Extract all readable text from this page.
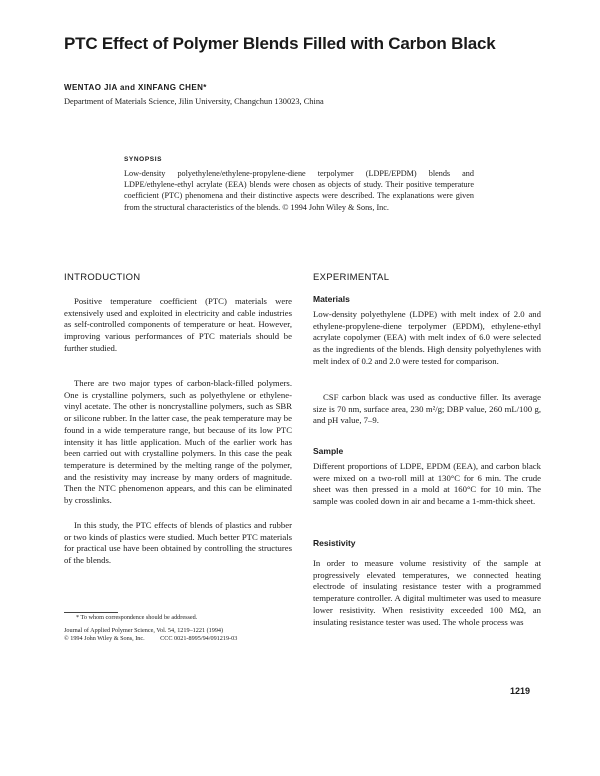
PTC Effect of Polymer Blends Filled with Carbon Black
WENTAO JIA and XINFANG CHEN*
Department of Materials Science, Jilin University, Changchun 130023, China
SYNOPSIS

Low-density polyethylene/ethylene-propylene-diene terpolymer (LDPE/EPDM) blends and LDPE/ethylene-ethyl acrylate (EEA) blends were chosen as objects of study. Their positive temperature coefficient (PTC) phenomena and their distinctive aspects were described. The explanations were given from the structural characteristics of the blends. © 1994 John Wiley & Sons, Inc.

INTRODUCTION

Positive temperature coefficient (PTC) materials were extensively used and exploited in electricity and cable industries as self-controlled components of temperature or heat. However, improving various performances of PTC materials should be further studied.

There are two major types of carbon-black-filled polymers. One is crystalline polymers, such as polyethylene or ethylene-vinyl acetate. The other is noncrystalline polymers, such as SBR or silicone rubber. In the latter case, the peak temperature may be found in a wide temperature range, but because of its low PTC intensity it has little application. Much of the earlier work has been carried out with crystalline polymers. In this case the peak temperature is determined by the melting range of the polymer, and the resistivity may increase by many orders of magnitude. Then the NTC phenomenon appears, and this can be eliminated by crosslinks.

In this study, the PTC effects of blends of plastics and rubber or two kinds of plastics were studied. Much better PTC materials for practical use have been obtained by controlling the structures of the blends.

* To whom correspondence should be addressed.

Journal of Applied Polymer Science, Vol. 54, 1219–1221 (1994)

© 1994 John Wiley & Sons, Inc.          CCC 0021-8995/94/091219-03

EXPERIMENTAL
Materials

Low-density polyethylene (LDPE) with melt index of 2.0 and ethylene-propylene-diene terpolymer (EPDM), ethylene-ethyl acrylate copolymer (EEA) with melt index of 6.0 were selected as the ingredients of the blends. High density polyethylenes with melt index of 0.2 and 2.0 were tested for comparison.

CSF carbon black was used as conductive filler. Its average size is 70 nm, surface area, 230 m²/g; DBP value, 260 mL/100 g, and pH value, 7–9.

Sample

Different proportions of LDPE, EPDM (EEA), and carbon black were mixed on a two-roll mill at 130°C for 6 min. The crude sheet was then pressed in a mold at 160°C for 10 min. The sample was cooled down in air and became a 1-mm-thick sheet.

Resistivity

In order to measure volume resistivity of the sample at progressively elevated temperatures, we connected heating electrode of insulating resistance tester with a programmed temperature controller. A digital multimeter was used to measure lower resistivity. When resistivity exceeded 100 MΩ, an insulating resistance tester was used. The whole process was

1219
